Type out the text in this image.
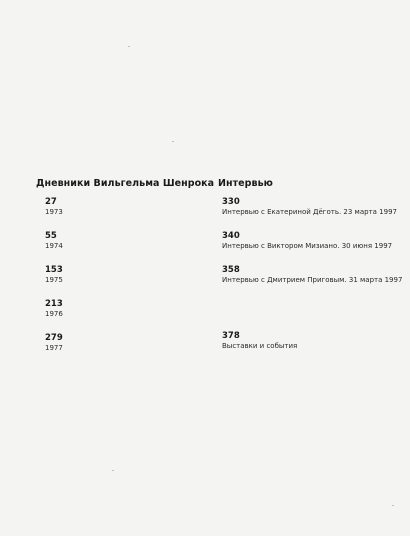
Дневники Вильгельма Шенрока
27
1973
55
1974
153
1975
213
1976
279
1977
Интервью
330
Интервью с Екатериной Дёготь. 23 марта 1997
340
Интервью с Виктором Мизиано. 30 июня 1997
358
Интервью с Дмитрием Приговым. 31 марта 1997
378
Выставки и события
